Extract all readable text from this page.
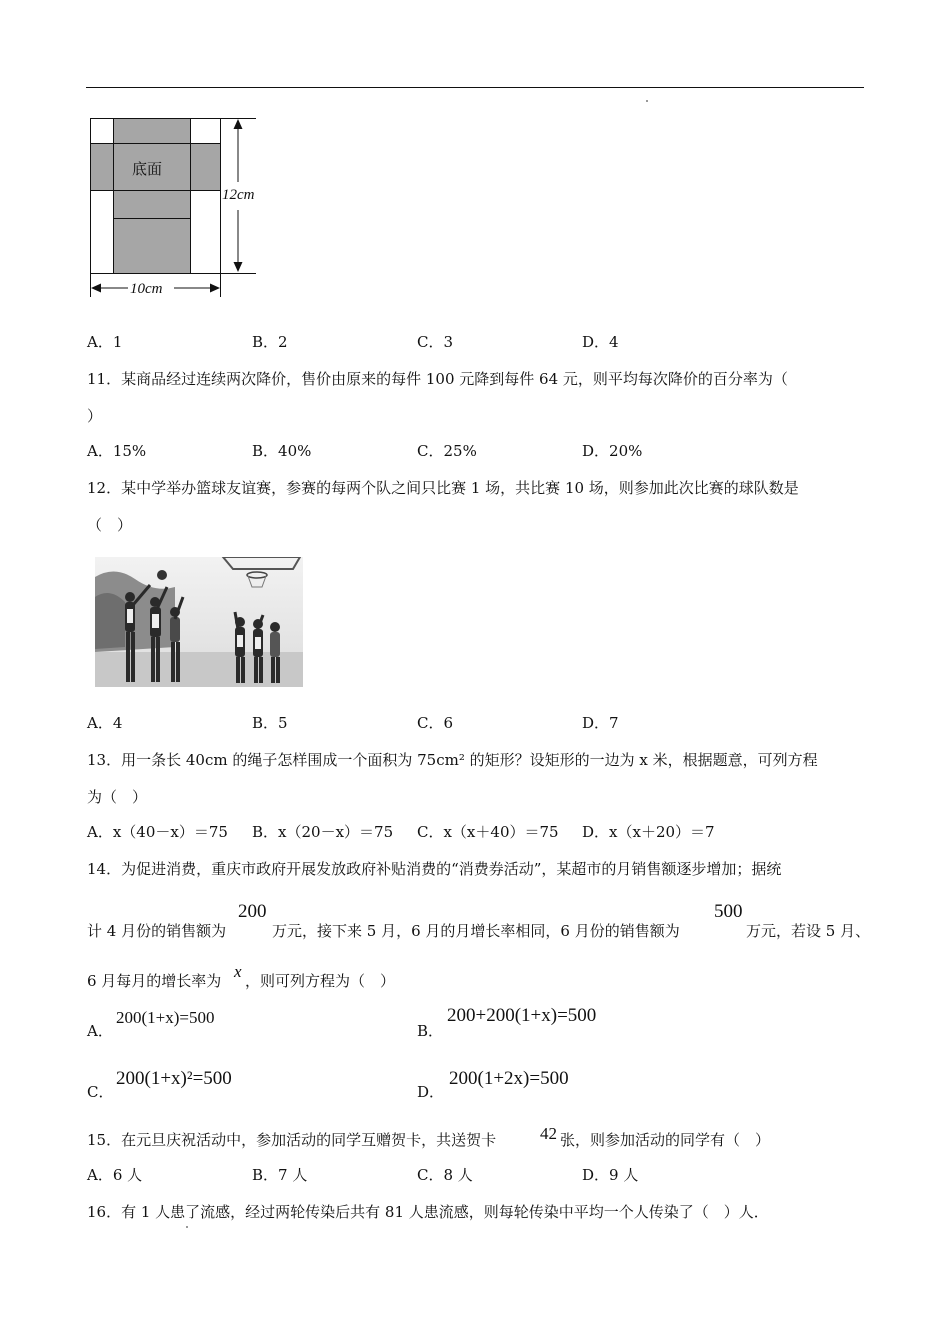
底面
12cm
10cm
A．1	B．2	C．3	D．4
11．某商品经过连续两次降价，售价由原来的每件 100 元降到每件 64 元，则平均每次降价的百分率为（
）
A．15%	B．40%	C．25%	D．20%
12．某中学举办篮球友谊赛，参赛的每两个队之间只比赛 1 场，共比赛 10 场，则参加此次比赛的球队数是
（　）
A．4	B．5	C．6	D．7
13．用一条长 40cm 的绳子怎样围成一个面积为 75cm² 的矩形？设矩形的一边为 x 米，根据题意，可列方程
为（　）
A．x（40－x）＝75 B．x（20－x）＝75 C．x（x＋40）＝75 D．x（x＋20）＝7
14．为促进消费，重庆市政府开展发放政府补贴消费的“消费券活动”，某超市的月销售额逐步增加；据统
计 4 月份的销售额为
200
万元，接下来 5 月，6 月的月增长率相同，6 月份的销售额为
500
万元，若设 5 月、
6 月每月的增长率为 x ，则可列方程为（　）
A．
200(1+x)=500
B．
200+200(1+x)=500
C．
200(1+x)²=500
D．
200(1+2x)=500
15．在元旦庆祝活动中，参加活动的同学互赠贺卡，共送贺卡	42 张，则参加活动的同学有（　）
A．6 人	B．7 人	C．8 人	D．9 人
16．有 1 人患了流感，经过两轮传染后共有 81 人患流感，则每轮传染中平均一个人传染了（　）人．
